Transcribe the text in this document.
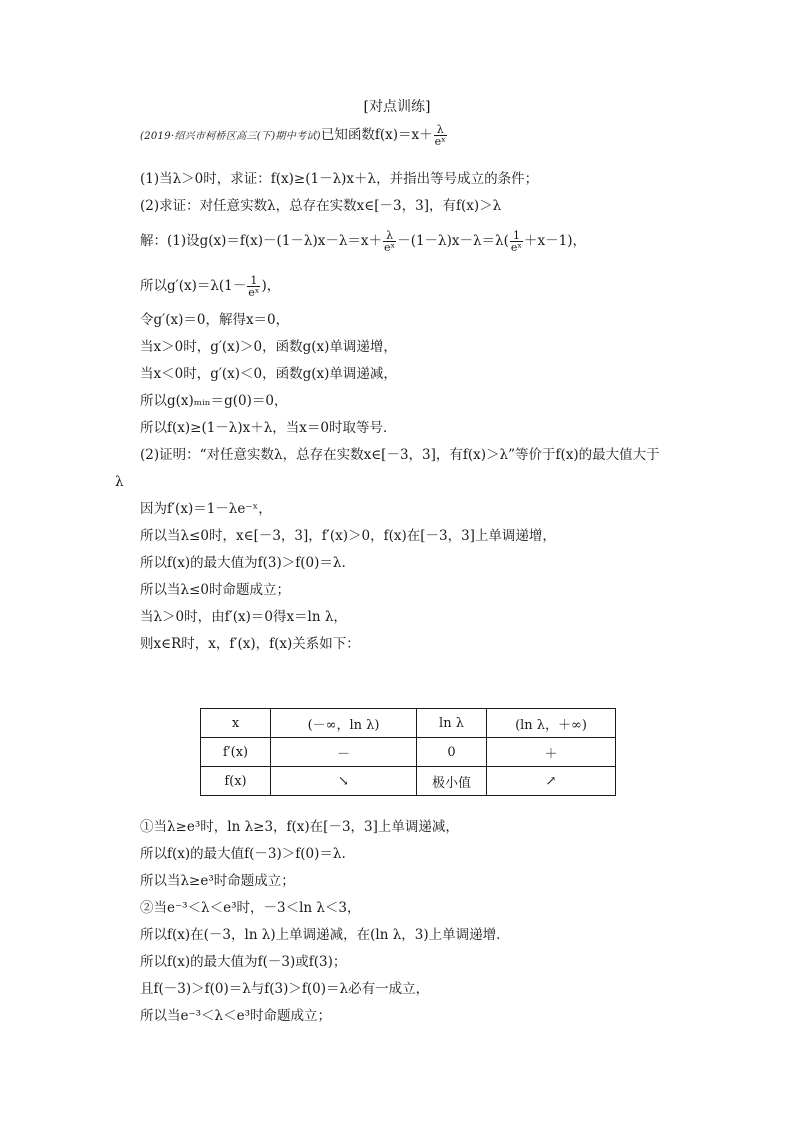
[对点训练]
(2019·绍兴市柯桥区高三(下)期中考试)已知函数$f(x)=x+ \frac{\lambda}{\text{eˣ}}$
(1)当λ＞0时，求证：f(x)≥(1－λ)x＋λ，并指出等号成立的条件；
(2)求证：对任意实数λ，总存在实数x∈[－3，3]，有f(x)＞λ
解：(1)设$g(x)=f(x)-(1-\lambda)x-\lambda=x+ \frac{\lambda}{\text{eˣ}} -(1-\lambda)x-\lambda=\lambda( \frac{1}{\text{eˣ}} +x-1)$，
所以$g'(x)=\lambda(1- \frac{1}{\text{eˣ}}$ )，
令g′(x)＝0，解得x＝0，
当x＞0时，g′(x)＞0，函数g(x)单调递增，
当x＜0时，g′(x)＜0，函数g(x)单调递减，
所以g(x)ₘᵢₙ＝g(0)＝0，
所以f(x)≥(1－λ)x＋λ，当x＝0时取等号．
(2)证明：“对任意实数λ，总存在实数x∈[－3，3]，有f(x)＞λ”等价于f(x)的最大值大于
λ
因为f′(x)＝1－λe⁻ˣ，
所以当λ≤0时，x∈[－3，3]，f′(x)＞0，f(x)在[－3，3]上单调递增，
所以f(x)的最大值为f(3)＞f(0)＝λ.
所以当λ≤0时命题成立；
当λ＞0时，由f′(x)＝0得x＝ln λ，
则x∈R时，x，f′(x)，f(x)关系如下：
x	(－∞，ln λ)	ln λ	(ln λ，＋∞)
f′(x)	－	0	＋
f(x)	↘	极小值	↗
①当λ≥e³时，ln λ≥3，f(x)在[－3，3]上单调递减，
所以f(x)的最大值f(－3)＞f(0)＝λ.
所以当λ≥e³时命题成立；
②当e⁻³＜λ＜e³时，－3＜ln λ＜3，
所以f(x)在(－3，ln λ)上单调递减，在(ln λ，3)上单调递增．
所以f(x)的最大值为f(－3)或f(3)；
且f(－3)＞f(0)＝λ与f(3)＞f(0)＝λ必有一成立，
所以当e⁻³＜λ＜e³时命题成立；
